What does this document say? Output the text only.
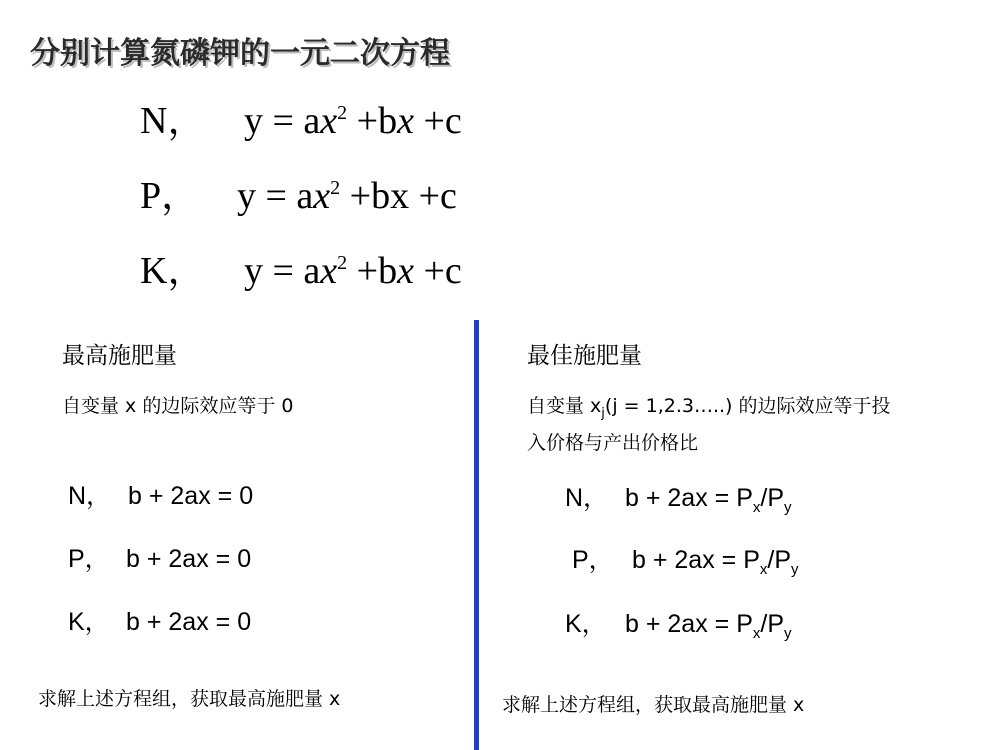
分别计算氮磷钾的一元二次方程
N， $y = ax^2 +bx +c$
P， $y = ax^2 +bx +c$
K， $y = ax^2 +bx +c$
最高施肥量
自变量 x 的边际效应等于 0
N， b + 2ax = 0
P， b + 2ax = 0
K， b + 2ax = 0
求解上述方程组，获取最高施肥量 x
最佳施肥量
自变量 $x_j(j$ = 1,2.3…..) 的边际效应等于投
入价格与产出价格比
N， $b + 2ax = P_x/P_y$
P， $b + 2ax = P_x/P_y$
K， $b + 2ax = P_x/P_y$
求解上述方程组，获取最高施肥量 x
